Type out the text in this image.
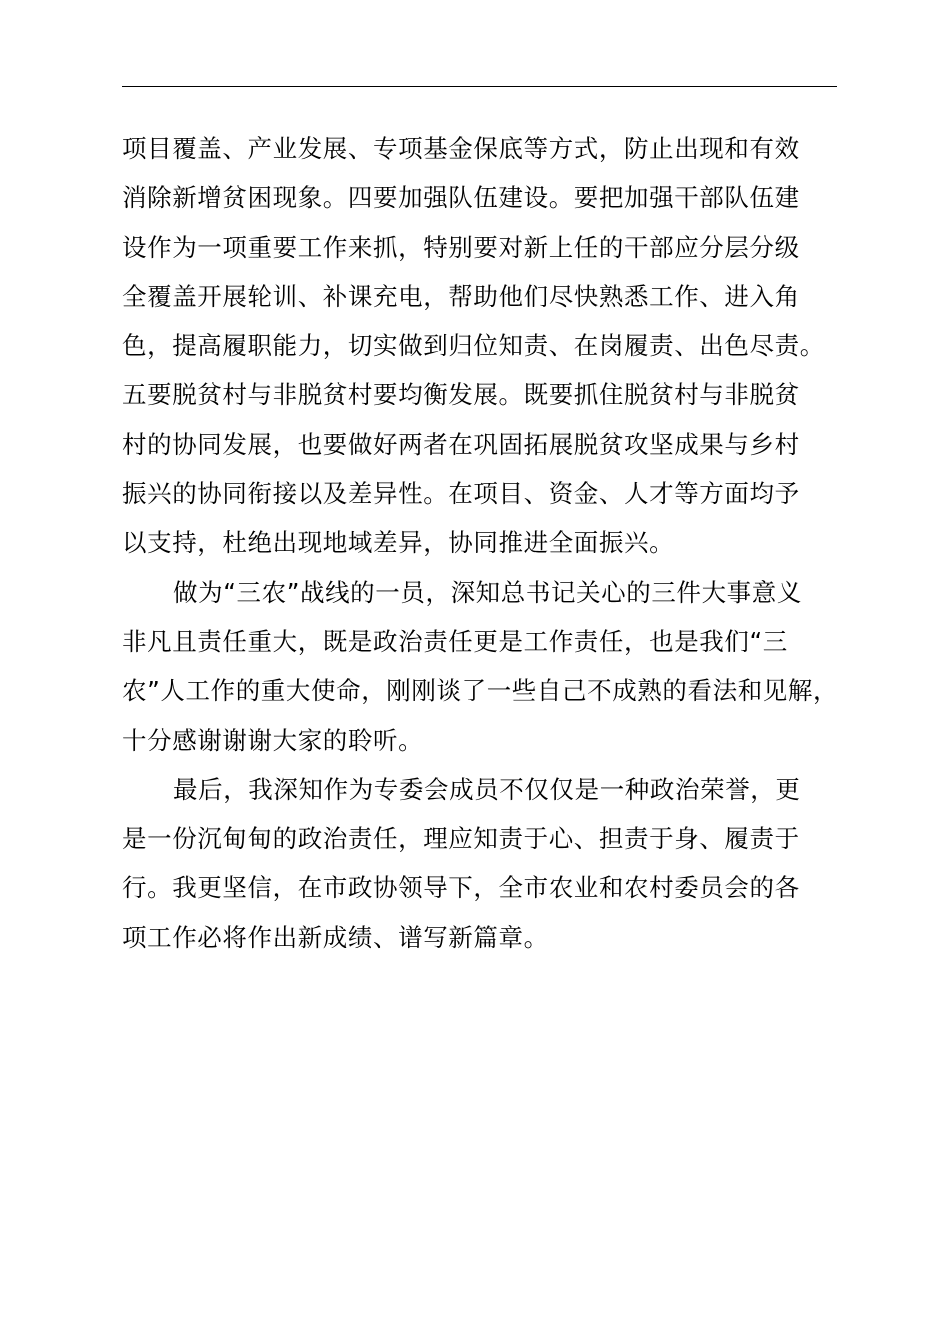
项目覆盖、产业发展、专项基金保底等方式，防止出现和有效
消除新增贫困现象。四要加强队伍建设。要把加强干部队伍建
设作为一项重要工作来抓，特别要对新上任的干部应分层分级
全覆盖开展轮训、补课充电，帮助他们尽快熟悉工作、进入角
色，提高履职能力，切实做到归位知责、在岗履责、出色尽责。
五要脱贫村与非脱贫村要均衡发展。既要抓住脱贫村与非脱贫
村的协同发展，也要做好两者在巩固拓展脱贫攻坚成果与乡村
振兴的协同衔接以及差异性。在项目、资金、人才等方面均予
以支持，杜绝出现地域差异，协同推进全面振兴。
做为“三农”战线的一员，深知总书记关心的三件大事意义
非凡且责任重大，既是政治责任更是工作责任，也是我们“三
农”人工作的重大使命，刚刚谈了一些自己不成熟的看法和见解，
十分感谢谢谢大家的聆听。
最后，我深知作为专委会成员不仅仅是一种政治荣誉，更
是一份沉甸甸的政治责任，理应知责于心、担责于身、履责于
行。我更坚信，在市政协领导下，全市农业和农村委员会的各
项工作必将作出新成绩、谱写新篇章。
